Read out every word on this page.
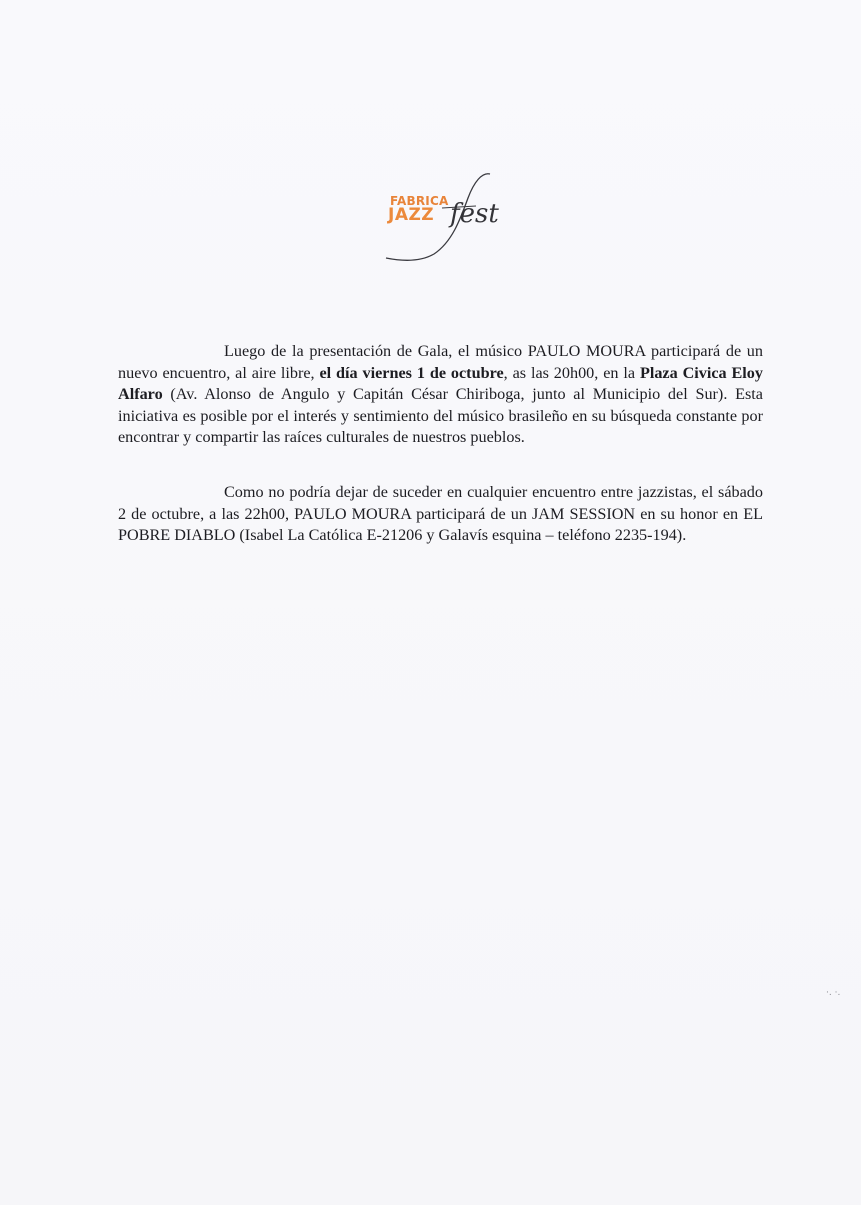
FABRICA
JAZZ fest

Luego de la presentación de Gala, el músico PAULO MOURA participará de un nuevo encuentro, al aire libre, el día viernes 1 de octubre, as las 20h00, en la Plaza Civica Eloy Alfaro (Av. Alonso de Angulo y Capitán César Chiriboga, junto al Municipio del Sur). Esta iniciativa es posible por el interés y sentimiento del músico brasileño en su búsqueda constante por encontrar y compartir las raíces culturales de nuestros pueblos.

Como no podría dejar de suceder en cualquier encuentro entre jazzistas, el sábado 2 de octubre, a las 22h00, PAULO MOURA participará de un JAM SESSION en su honor en EL POBRE DIABLO (Isabel La Católica E-21206 y Galavís esquina – teléfono 2235-194).

·. ·.
